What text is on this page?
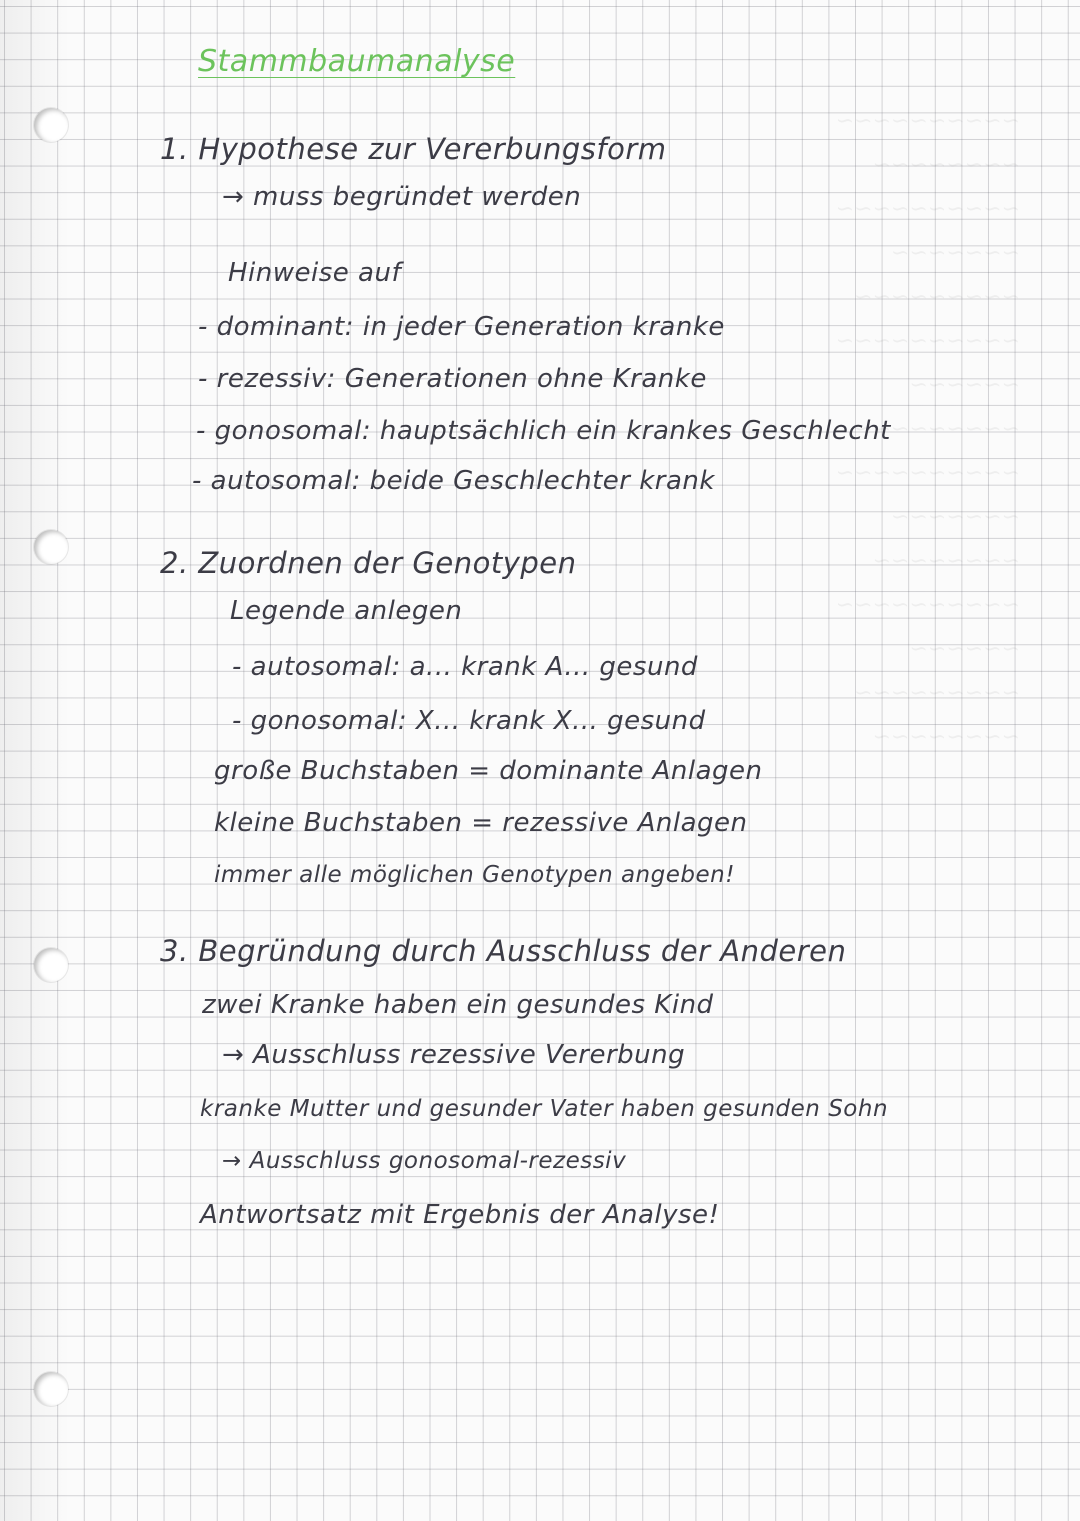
~~~~~~~~~~
~~~~~~~~
~~~~~~~~~~
~~~~~~~
~~~~~~~~~
~~~~~~~~~~
~~~~~~
~~~~~~~~~
~~~~~~~~~~
~~~~~~~
~~~~~~~~
~~~~~~~~~~
~~~~~~
~~~~~~~~~
~~~~~~~~
Stammbaumanalyse
1. Hypothese zur Vererbungsform
→ muss begründet werden
Hinweise auf
- dominant: in jeder Generation kranke
- rezessiv: Generationen ohne Kranke
- gonosomal: hauptsächlich ein krankes Geschlecht
- autosomal: beide Geschlechter krank
2. Zuordnen der Genotypen
Legende anlegen
- autosomal: a... krank A... gesund
- gonosomal: X... krank X... gesund
große Buchstaben = dominante Anlagen
kleine Buchstaben = rezessive Anlagen
immer alle möglichen Genotypen angeben!
3. Begründung durch Ausschluss der Anderen
zwei Kranke haben ein gesundes Kind
→ Ausschluss rezessive Vererbung
kranke Mutter und gesunder Vater haben gesunden Sohn
→ Ausschluss gonosomal-rezessiv
Antwortsatz mit Ergebnis der Analyse!
